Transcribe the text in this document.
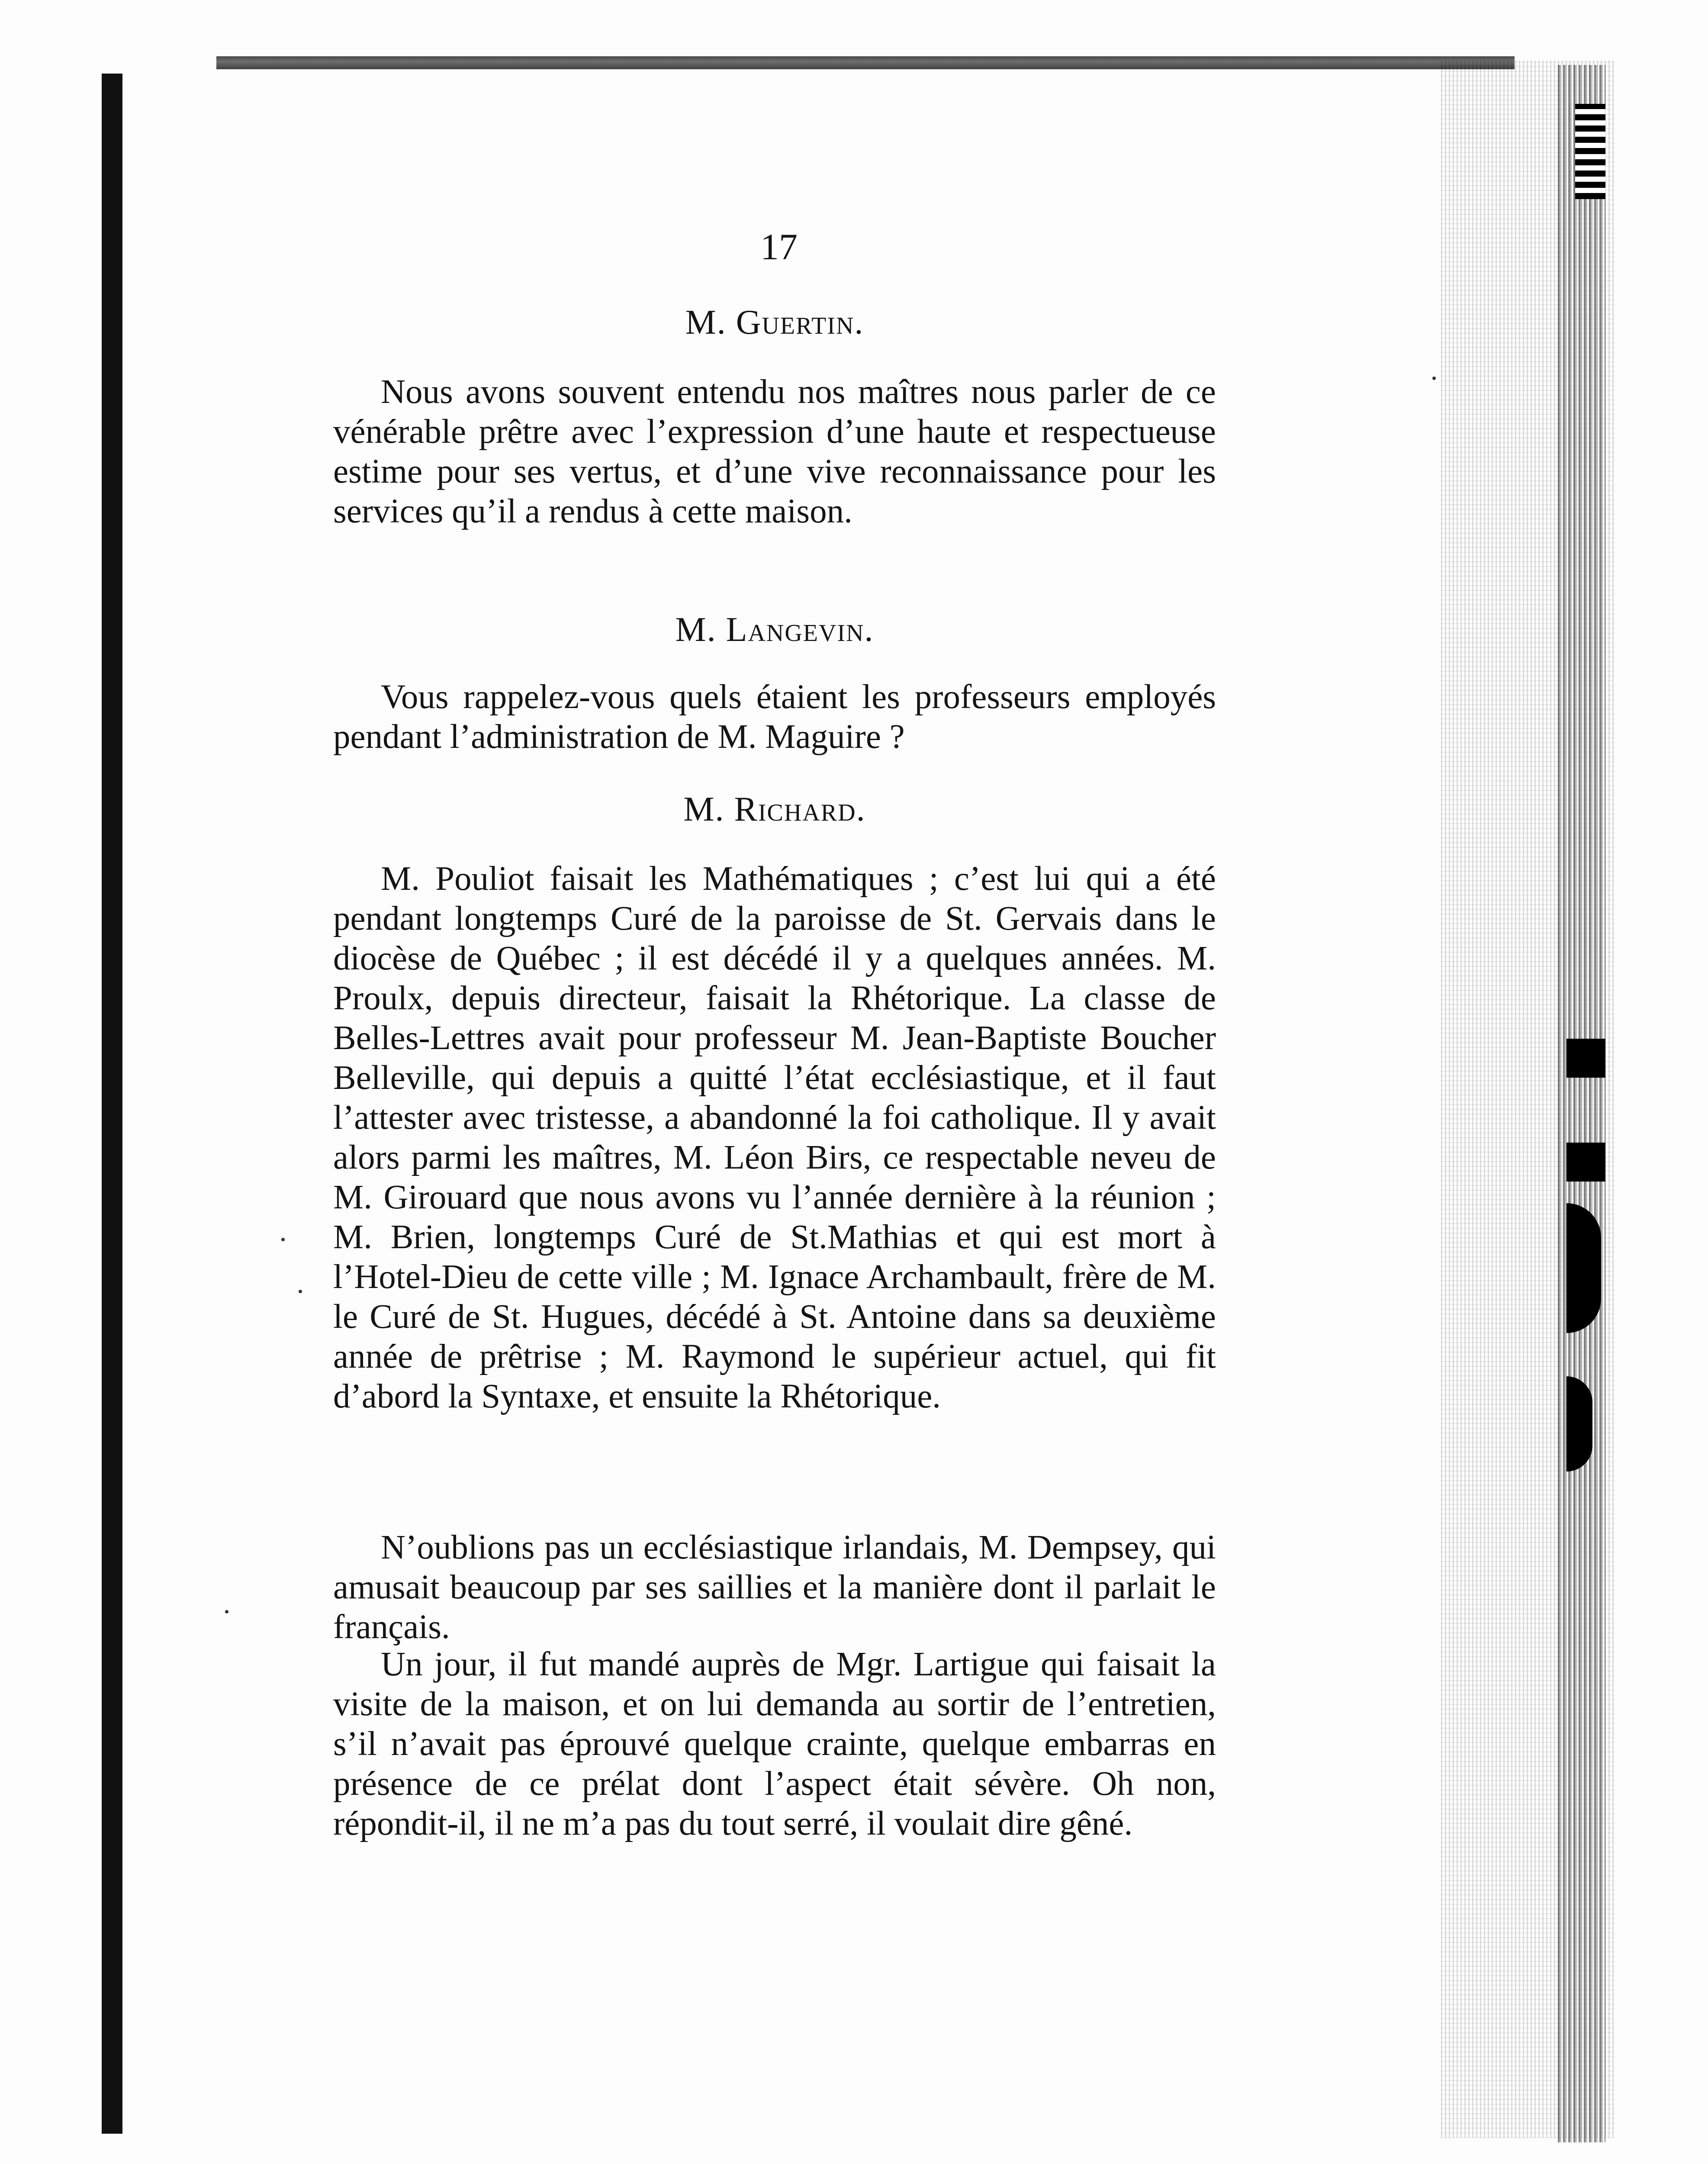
17
M. Guertin.

Nous avons souvent entendu nos maîtres nous parler de ce vénérable prêtre avec l’expression d’une haute et respectueuse estime pour ses vertus, et d’une vive reconnaissance pour les services qu’il a rendus à cette maison.

M. Langevin.

Vous rappelez-vous quels étaient les professeurs employés pendant l’administration de M. Maguire ?

M. Richard.

M. Pouliot faisait les Mathématiques ; c’est lui qui a été pendant longtemps Curé de la paroisse de St. Gervais dans le diocèse de Québec ; il est décédé il y a quelques années. M. Proulx, depuis directeur, faisait la Rhétorique. La classe de Belles-Lettres avait pour professeur M. Jean-Baptiste Boucher Belleville, qui depuis a quitté l’état ecclésiastique, et il faut l’attester avec tristesse, a abandonné la foi catholique. Il y avait alors parmi les maîtres, M. Léon Birs, ce respectable neveu de M. Girouard que nous avons vu l’année dernière à la réunion ; M. Brien, longtemps Curé de St.Mathias et qui est mort à l’Hotel-Dieu de cette ville ; M. Ignace Archambault, frère de M. le Curé de St. Hugues, décédé à St. Antoine dans sa deuxième année de prêtrise ; M. Raymond le supérieur actuel, qui fit d’abord la Syntaxe, et ensuite la Rhétorique.

N’oublions pas un ecclésiastique irlandais, M. Dempsey, qui amusait beaucoup par ses saillies et la manière dont il parlait le français.

Un jour, il fut mandé auprès de Mgr. Lartigue qui faisait la visite de la maison, et on lui demanda au sortir de l’entretien, s’il n’avait pas éprouvé quelque crainte, quelque embarras en présence de ce prélat dont l’aspect était sévère. Oh non, répondit-il, il ne m’a pas du tout serré, il voulait dire gêné.
